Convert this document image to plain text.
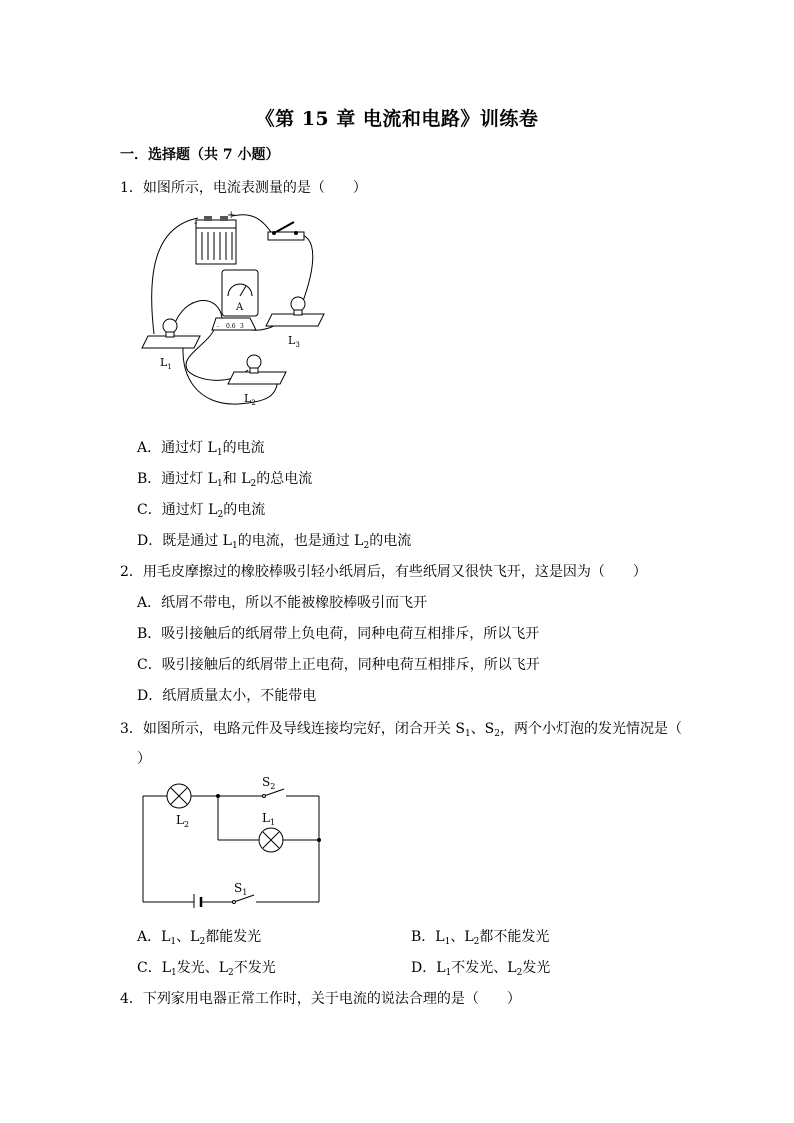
《第 15 章 电流和电路》训练卷
一．选择题（共 7 小题）
1．如图所示，电流表测量的是（　　）
-
+
A
- 0.6 3
$L_3$
$L_1$
$L_2$
A．通过灯 $L_1$的电流
B．通过灯 $L_1$和 $L_2$的总电流
C．通过灯 $L_2$的电流
D．既是通过 $L_1$的电流，也是通过 $L_2$的电流
2．用毛皮摩擦过的橡胶棒吸引轻小纸屑后，有些纸屑又很快飞开，这是因为（　　）
A．纸屑不带电，所以不能被橡胶棒吸引而飞开
B．吸引接触后的纸屑带上负电荷，同种电荷互相排斥，所以飞开
C．吸引接触后的纸屑带上正电荷，同种电荷互相排斥，所以飞开
D．纸屑质量太小，不能带电
3．如图所示，电路元件及导线连接均完好，闭合开关 $S_1$、$S_2$，两个小灯泡的发光情况是（
）
$S_2$
$L_1$
$L_2$
$S_1$
A．$L_1$、$L_2$都能发光	B．$L_1$、$L_2$都不能发光
C．$L_1$发光、$L_2$不发光	D．$L_1$不发光、$L_2$发光
4．下列家用电器正常工作时，关于电流的说法合理的是（　　）
